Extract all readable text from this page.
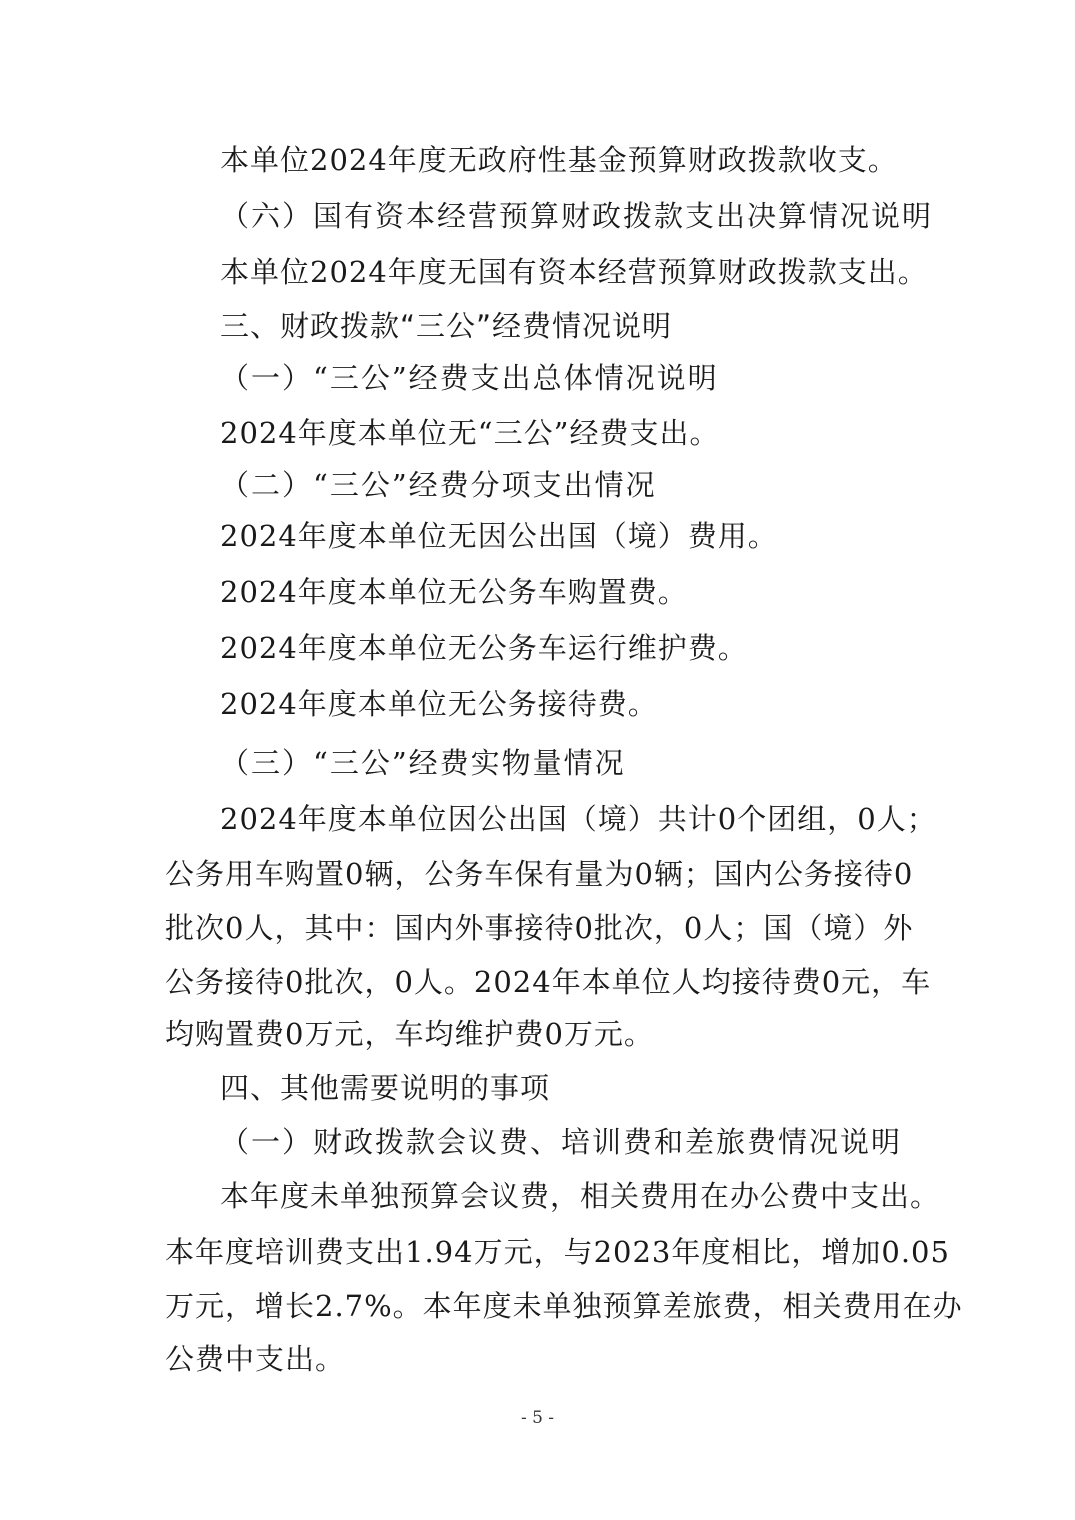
本单位2024年度无政府性基金预算财政拨款收支。
（六）国有资本经营预算财政拨款支出决算情况说明
本单位2024年度无国有资本经营预算财政拨款支出。
三、财政拨款“三公”经费情况说明
（一）“三公”经费支出总体情况说明
2024年度本单位无“三公”经费支出。
（二）“三公”经费分项支出情况
2024年度本单位无因公出国（境）费用。
2024年度本单位无公务车购置费。
2024年度本单位无公务车运行维护费。
2024年度本单位无公务接待费。
（三）“三公”经费实物量情况
2024年度本单位因公出国（境）共计0个团组，0人；
公务用车购置0辆，公务车保有量为0辆；国内公务接待0
批次0人，其中：国内外事接待0批次，0人；国（境）外
公务接待0批次，0人。2024年本单位人均接待费0元，车
均购置费0万元，车均维护费0万元。
四、其他需要说明的事项
（一）财政拨款会议费、培训费和差旅费情况说明
本年度未单独预算会议费，相关费用在办公费中支出。
本年度培训费支出1.94万元，与2023年度相比，增加0.05
万元，增长2.7%。本年度未单独预算差旅费，相关费用在办
公费中支出。
- 5 -
